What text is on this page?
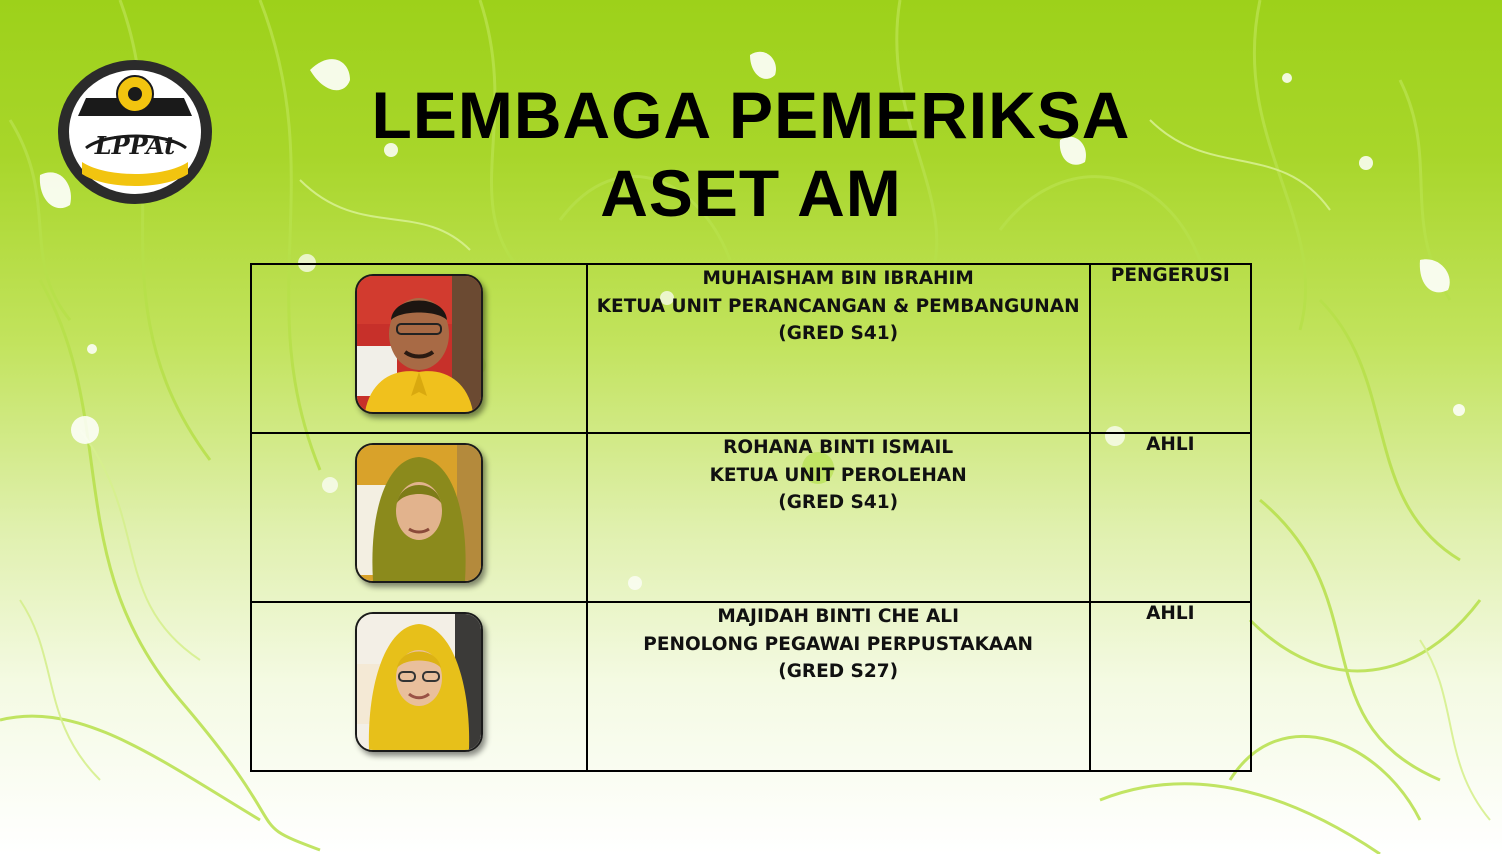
LPPAt	LEMBAGA PEMERIKSA
ASET AM

MUHAISHAM BIN IBRAHIM
KETUA UNIT PERANCANGAN & PEMBANGUNAN
(GRED S41)	PENGERUSI

ROHANA BINTI ISMAIL
KETUA UNIT PEROLEHAN
(GRED S41)	AHLI

MAJIDAH BINTI CHE ALI
PENOLONG PEGAWAI PERPUSTAKAAN
(GRED S27)	AHLI
